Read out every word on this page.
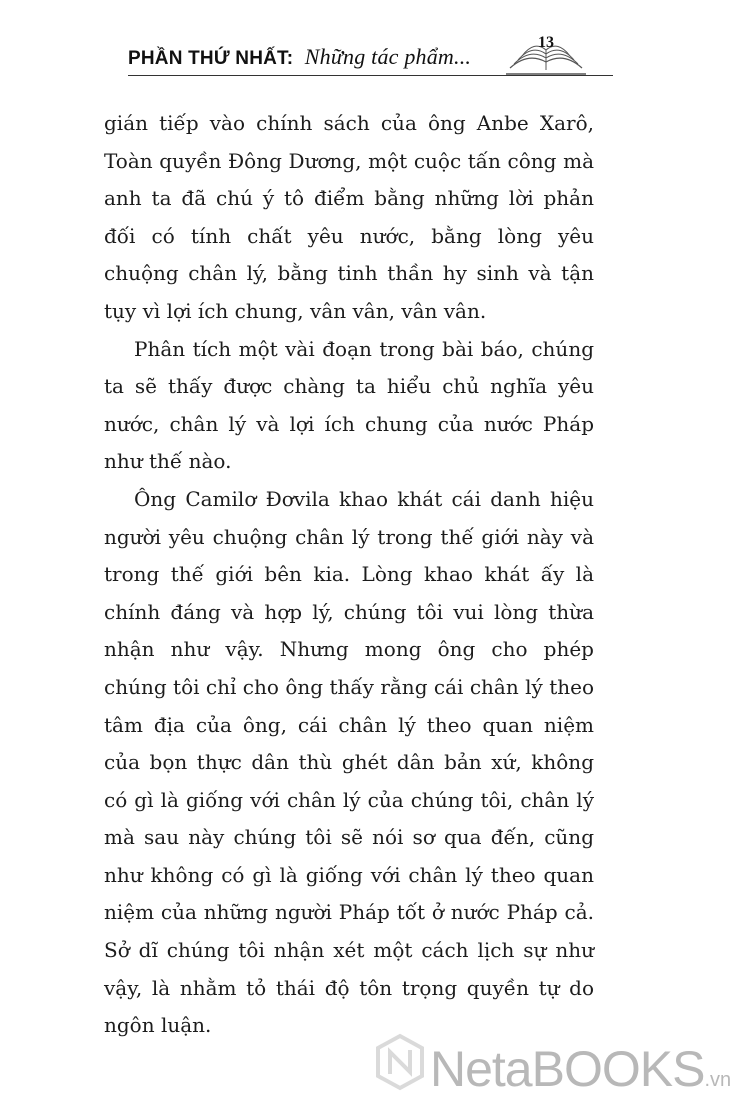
PHẦN THỨ NHẤT: Những tác phẩm...
13

gián tiếp vào chính sách của ông Anbe Xarô, Toàn quyền Đông Dương, một cuộc tấn công mà anh ta đã chú ý tô điểm bằng những lời phản đối có tính chất yêu nước, bằng lòng yêu chuộng chân lý, bằng tinh thần hy sinh và tận tụy vì lợi ích chung, vân vân, vân vân.

Phân tích một vài đoạn trong bài báo, chúng ta sẽ thấy được chàng ta hiểu chủ nghĩa yêu nước, chân lý và lợi ích chung của nước Pháp như thế nào.

Ông Camilơ Đơvila khao khát cái danh hiệu người yêu chuộng chân lý trong thế giới này và trong thế giới bên kia. Lòng khao khát ấy là chính đáng và hợp lý, chúng tôi vui lòng thừa nhận như vậy. Nhưng mong ông cho phép chúng tôi chỉ cho ông thấy rằng cái chân lý theo tâm địa của ông, cái chân lý theo quan niệm của bọn thực dân thù ghét dân bản xứ, không có gì là giống với chân lý của chúng tôi, chân lý mà sau này chúng tôi sẽ nói sơ qua đến, cũng như không có gì là giống với chân lý theo quan niệm của những người Pháp tốt ở nước Pháp cả. Sở dĩ chúng tôi nhận xét một cách lịch sự như vậy, là nhằm tỏ thái độ tôn trọng quyền tự do ngôn luận.

NetaBOOKS.vn
